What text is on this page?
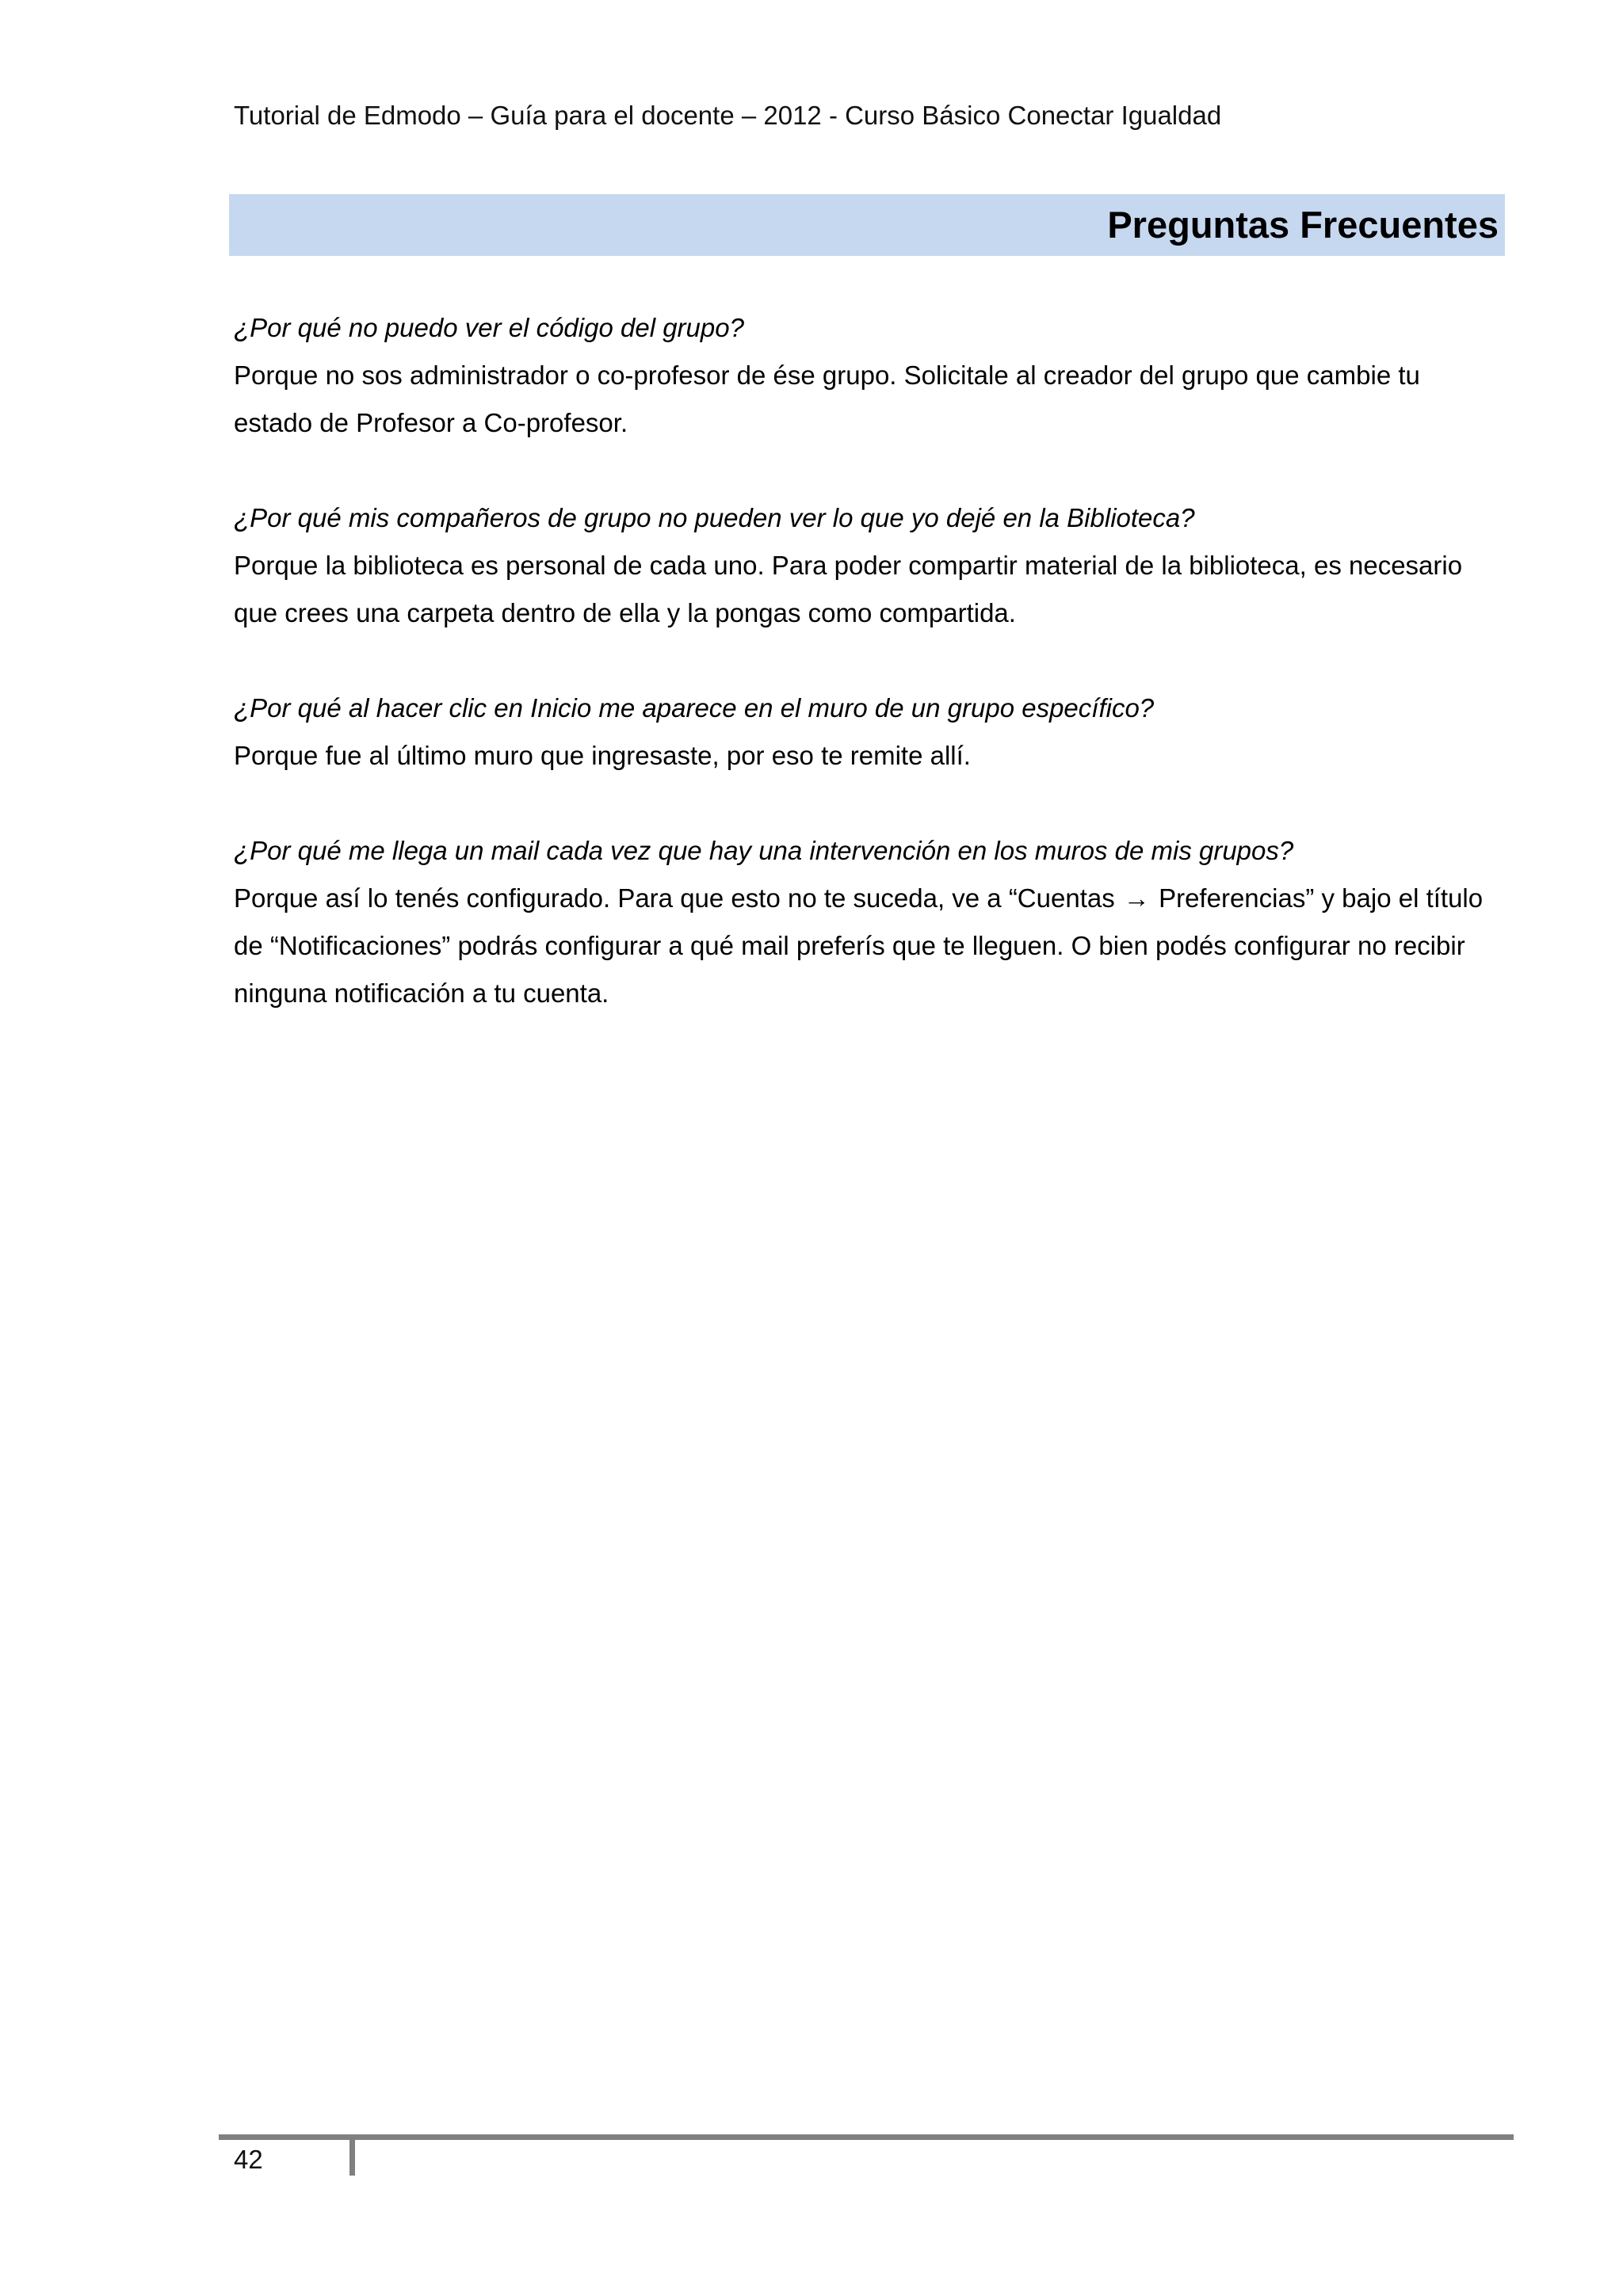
Tutorial de Edmodo – Guía para el docente – 2012 - Curso Básico Conectar Igualdad
Preguntas Frecuentes

¿Por qué no puedo ver el código del grupo?

Porque no sos administrador o co-profesor de ése grupo. Solicitale al creador del grupo que cambie tu estado de Profesor a Co-profesor.

¿Por qué mis compañeros de grupo no pueden ver lo que yo dejé en la Biblioteca?

Porque la biblioteca es personal de cada uno. Para poder compartir material de la biblioteca, es necesario que crees una carpeta dentro de ella y la pongas como compartida.

¿Por qué al hacer clic en Inicio me aparece en el muro de un grupo específico?

Porque fue al último muro que ingresaste, por eso te remite allí.

¿Por qué me llega un mail cada vez que hay una intervención en los muros de mis grupos?

Porque así lo tenés configurado. Para que esto no te suceda, ve a “Cuentas → Preferencias” y bajo el título de “Notificaciones” podrás configurar a qué mail preferís que te lleguen. O bien podés configurar no recibir ninguna notificación a tu cuenta.

42
